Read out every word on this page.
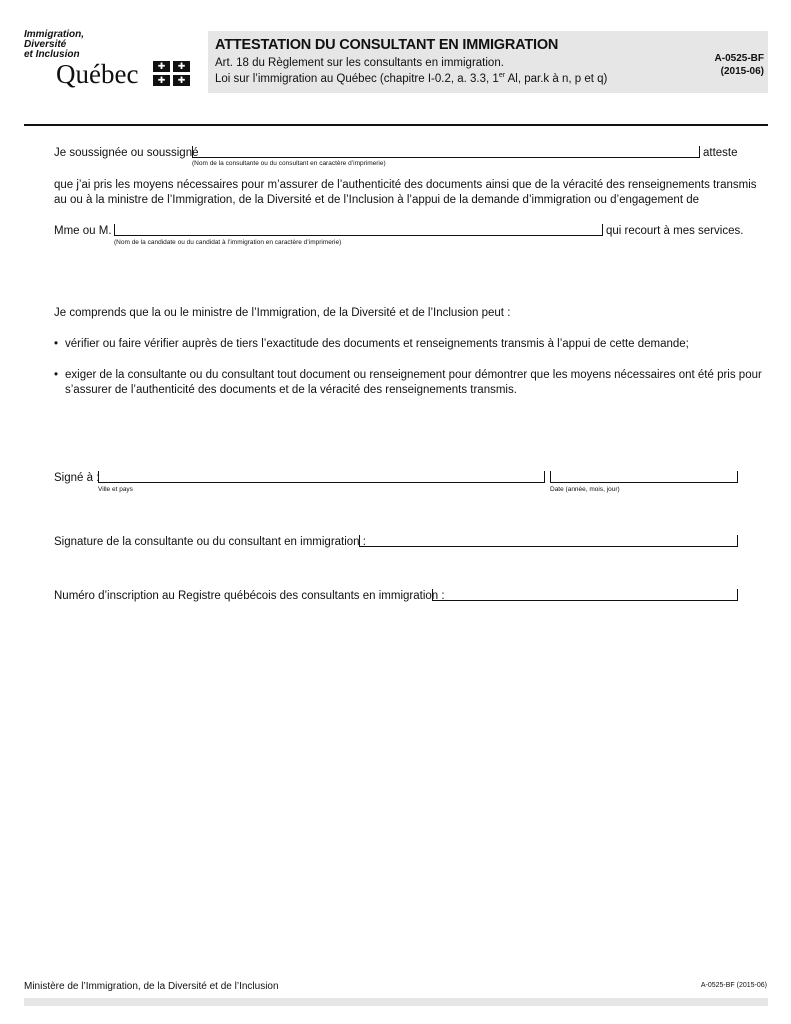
Immigration,

Diversité

et Inclusion

Québec	✚	✚
✚	✚
ATTESTATION DU CONSULTANT EN IMMIGRATION
Art. 18 du Règlement sur les consultants en immigration.
Loi sur l’immigration au Québec (chapitre I-0.2, a. 3.3, 1er Al, par.k à n, p et q)
A-0525-BF
(2015-06)
Je soussignée ou soussigné
(Nom de la consultante ou du consultant en caractère d’imprimerie)
atteste
que j’ai pris les moyens nécessaires pour m’assurer de l’authenticité des documents ainsi que de la véracité des renseignements transmis
au ou à la ministre de l’Immigration, de la Diversité et de l’Inclusion à l’appui de la demande d’immigration ou d’engagement de
Mme ou M.
(Nom de la candidate ou du candidat à l’immigration en caractère d’imprimerie)
qui recourt à mes services.
Je comprends que la ou le ministre de l’Immigration, de la Diversité et de l’Inclusion peut :
• vérifier ou faire vérifier auprès de tiers l’exactitude des documents et renseignements transmis à l’appui de cette demande;
• exiger de la consultante ou du consultant tout document ou renseignement pour démontrer que les moyens nécessaires ont été pris pour
s’assurer de l’authenticité des documents et de la véracité des renseignements transmis.
Signé à :
Ville et pays	Date (année, mois, jour)
Signature de la consultante ou du consultant en immigration :
Numéro d’inscription au Registre québécois des consultants en immigration :
Ministère de l’Immigration, de la Diversité et de l’Inclusion	A-0525-BF (2015-06)
